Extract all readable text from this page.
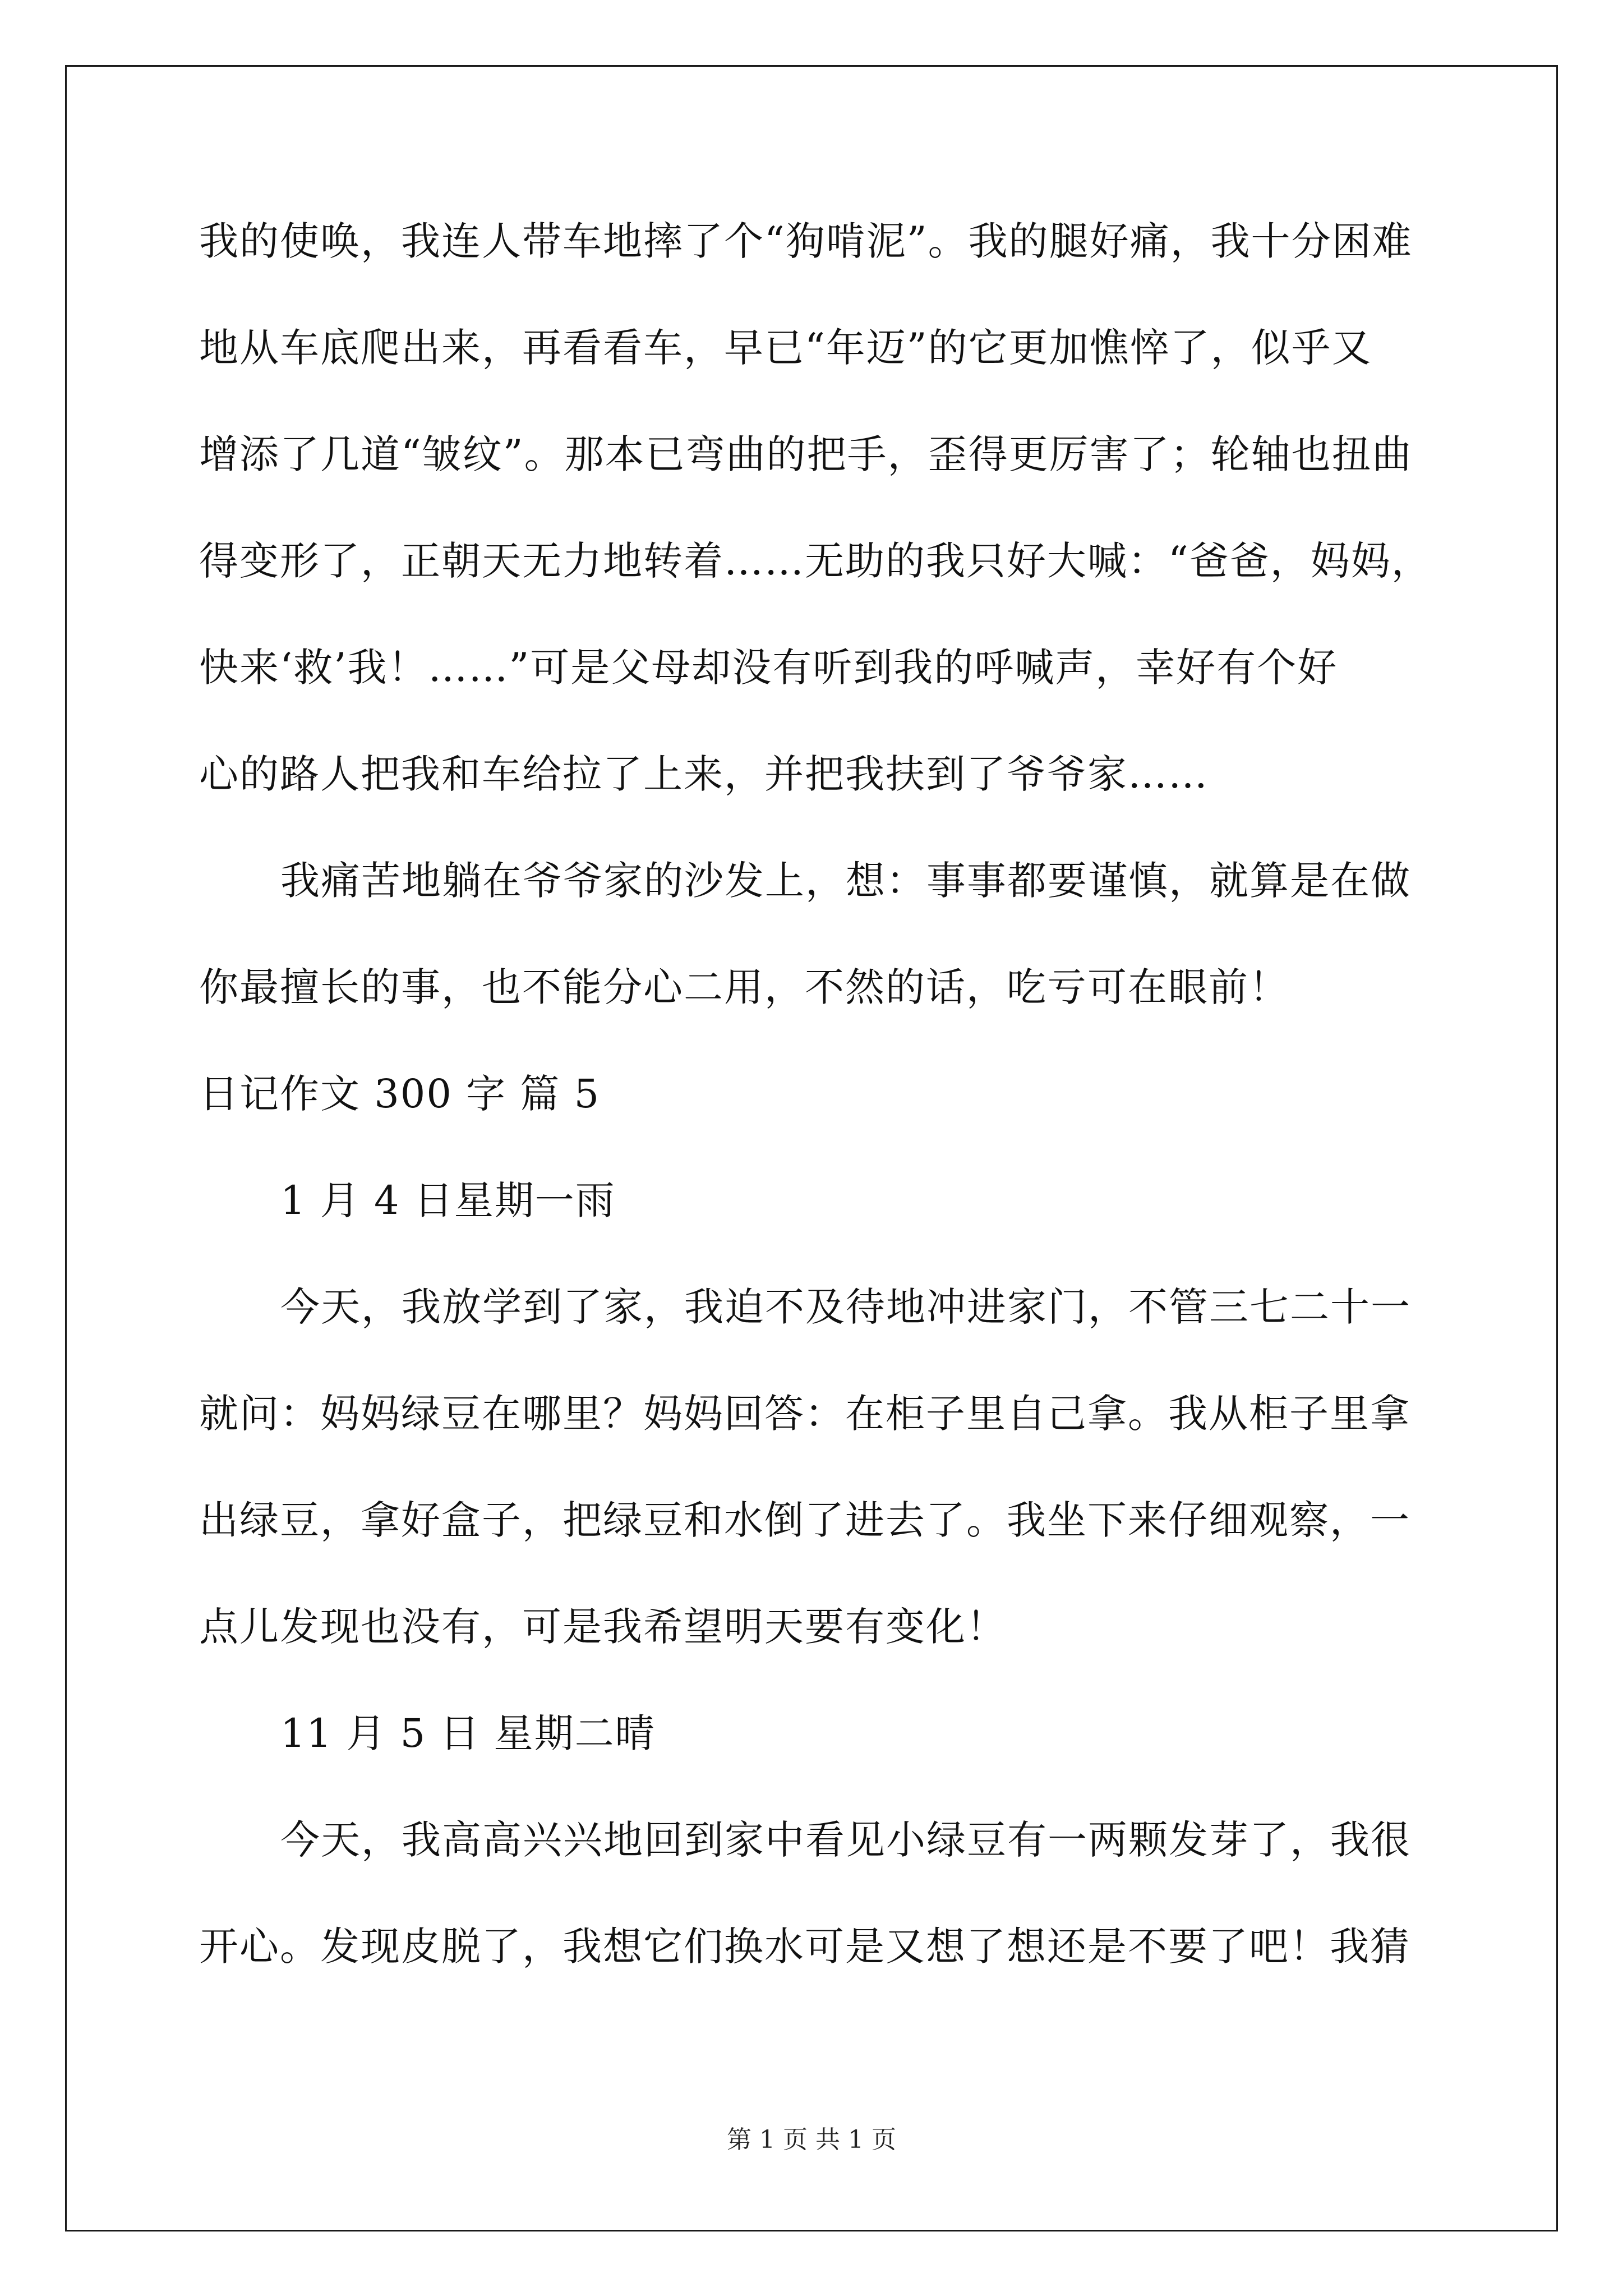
我的使唤，我连人带车地摔了个“狗啃泥”。我的腿好痛，我十分困难
地从车底爬出来，再看看车，早已“年迈”的它更加憔悴了，似乎又
增添了几道“皱纹”。那本已弯曲的把手，歪得更厉害了；轮轴也扭曲
得变形了，正朝天无力地转着……无助的我只好大喊：“爸爸，妈妈，
快来‘救’我！……”可是父母却没有听到我的呼喊声，幸好有个好
心的路人把我和车给拉了上来，并把我扶到了爷爷家……
我痛苦地躺在爷爷家的沙发上，想：事事都要谨慎，就算是在做
你最擅长的事，也不能分心二用，不然的话，吃亏可在眼前！
日记作文 300 字 篇 5
1 月 4 日星期一雨
今天，我放学到了家，我迫不及待地冲进家门，不管三七二十一
就问：妈妈绿豆在哪里？妈妈回答：在柜子里自己拿。我从柜子里拿
出绿豆，拿好盒子，把绿豆和水倒了进去了。我坐下来仔细观察，一
点儿发现也没有，可是我希望明天要有变化！
11 月 5 日 星期二晴
今天，我高高兴兴地回到家中看见小绿豆有一两颗发芽了，我很
开心。发现皮脱了，我想它们换水可是又想了想还是不要了吧！我猜
第 1 页 共 1 页
